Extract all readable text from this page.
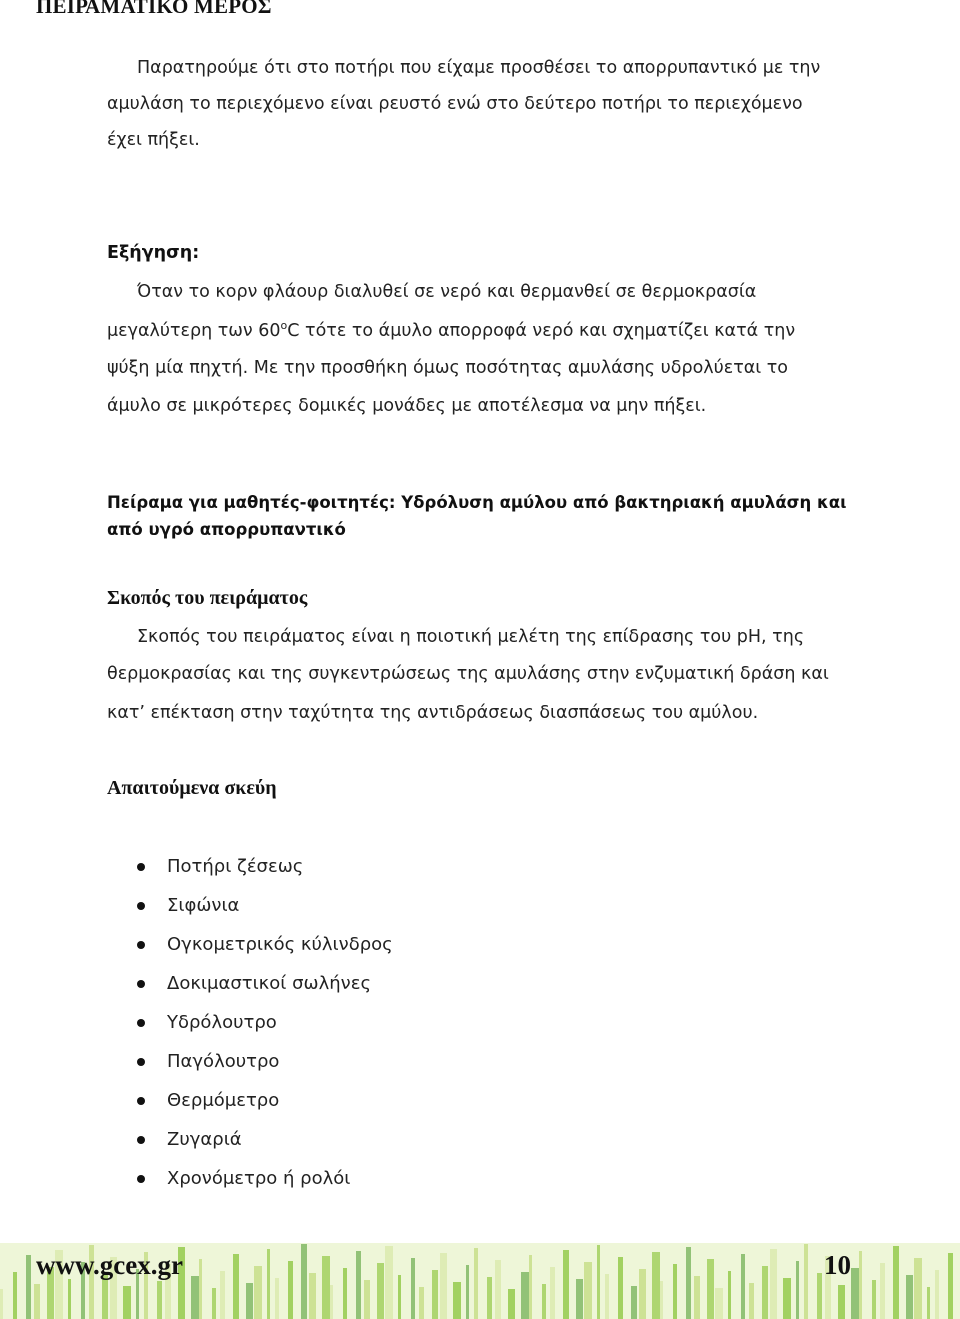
ΠΕΙΡΑΜΑΤΙΚΟ ΜΕΡΟΣ
Παρατηρούμε ότι στο ποτήρι που είχαμε προσθέσει το απορρυπαντικό με την
αμυλάση το περιεχόμενο είναι ρευστό ενώ στο δεύτερο ποτήρι το περιεχόμενο
έχει πήξει.
Εξήγηση:
Όταν το κορν φλάουρ διαλυθεί σε νερό και θερμανθεί σε θερμοκρασία
μεγαλύτερη των $60^oC$ τότε το άμυλο απορροφά νερό και σχηματίζει κατά την
ψύξη μία πηχτή. Με την προσθήκη όμως ποσότητας αμυλάσης υδρολύεται το
άμυλο σε μικρότερες δομικές μονάδες με αποτέλεσμα να μην πήξει.
Πείραμα για μαθητές-φοιτητές: Υδρόλυση αμύλου από βακτηριακή αμυλάση και
από υγρό απορρυπαντικό
Σκοπός του πειράματος
Σκοπός του πειράματος είναι η ποιοτική μελέτη της επίδρασης του pH, της
θερμοκρασίας και της συγκεντρώσεως της αμυλάσης στην ενζυματική δράση και
κατ’ επέκταση στην ταχύτητα της αντιδράσεως διασπάσεως του αμύλου.
Απαιτούμενα σκεύη
Ποτήρι ζέσεως
Σιφώνια
Ογκομετρικός κύλινδρος
Δοκιμαστικοί σωλήνες
Υδρόλουτρο
Παγόλουτρο
Θερμόμετρο
Ζυγαριά
Χρονόμετρο ή ρολόι
www.gcex.gr	10
